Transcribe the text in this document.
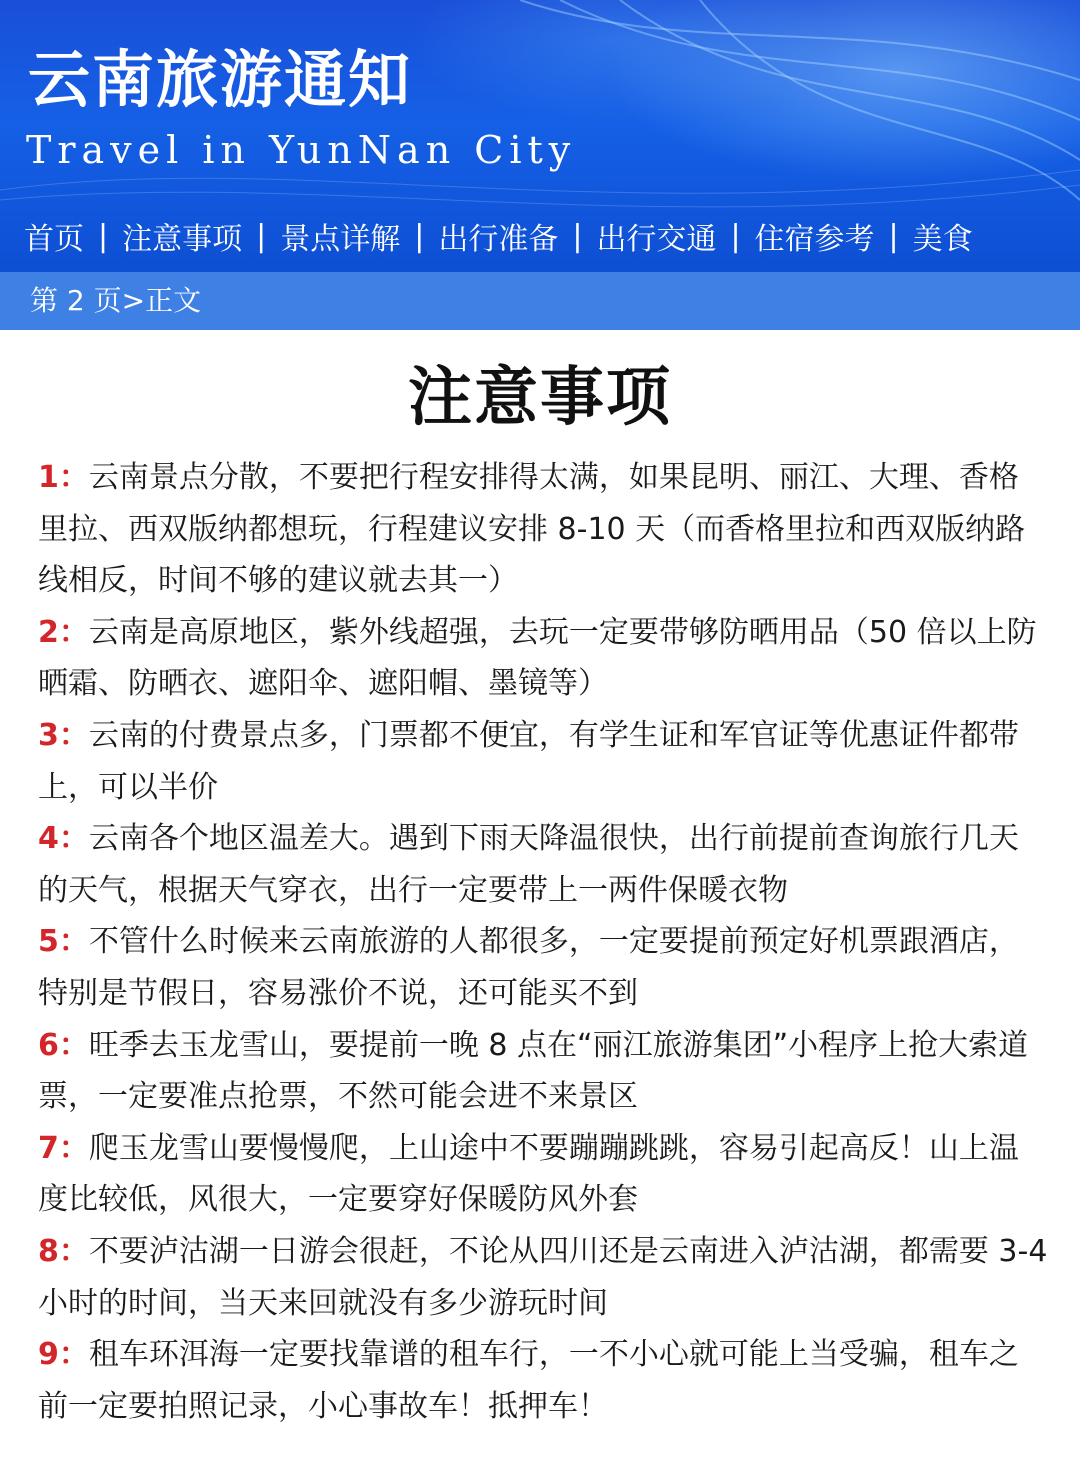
云南旅游通知
Travel in YunNan City
首页 | 注意事项 | 景点详解 | 出行准备 | 出行交通 | 住宿参考 | 美食
第 2 页>正文
注意事项

1：云南景点分散，不要把行程安排得太满，如果昆明、丽江、大理、香格里拉、西双版纳都想玩，行程建议安排 8-10 天（而香格里拉和西双版纳路线相反，时间不够的建议就去其一）

2：云南是高原地区，紫外线超强，去玩一定要带够防晒用品（50 倍以上防晒霜、防晒衣、遮阳伞、遮阳帽、墨镜等）

3：云南的付费景点多，门票都不便宜，有学生证和军官证等优惠证件都带上，可以半价

4：云南各个地区温差大。遇到下雨天降温很快，出行前提前查询旅行几天的天气，根据天气穿衣，出行一定要带上一两件保暖衣物

5：不管什么时候来云南旅游的人都很多，一定要提前预定好机票跟酒店，特别是节假日，容易涨价不说，还可能买不到

6：旺季去玉龙雪山，要提前一晚 8 点在“丽江旅游集团”小程序上抢大索道票，一定要准点抢票，不然可能会进不来景区

7：爬玉龙雪山要慢慢爬，上山途中不要蹦蹦跳跳，容易引起高反！山上温度比较低，风很大，一定要穿好保暖防风外套

8：不要泸沽湖一日游会很赶，不论从四川还是云南进入泸沽湖，都需要 3-4 小时的时间，当天来回就没有多少游玩时间

9：租车环洱海一定要找靠谱的租车行，一不小心就可能上当受骗，租车之前一定要拍照记录，小心事故车！抵押车！
